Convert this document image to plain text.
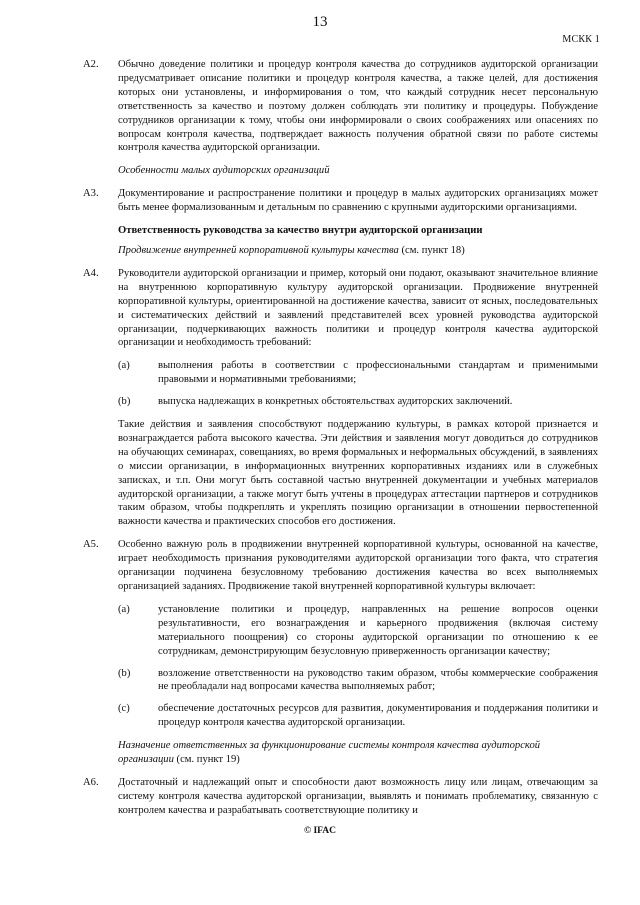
13
МСКК 1
A2. Обычно доведение политики и процедур контроля качества до сотрудников аудиторской организации предусматривает описание политики и процедур контроля качества, а также целей, для достижения которых они установлены, и информирования о том, что каждый сотрудник несет персональную ответственность за качество и поэтому должен соблюдать эти политику и процедуры. Побуждение сотрудников организации к тому, чтобы они информировали о своих соображениях или опасениях по вопросам контроля качества, подтверждает важность получения обратной связи по работе системы контроля качества аудиторской организации.
Особенности малых аудиторских организаций
A3. Документирование и распространение политики и процедур в малых аудиторских организациях может быть менее формализованным и детальным по сравнению с крупными аудиторскими организациями.
Ответственность руководства за качество внутри аудиторской организации
Продвижение внутренней корпоративной культуры качества (см. пункт 18)
A4. Руководители аудиторской организации и пример, который они подают, оказывают значительное влияние на внутреннюю корпоративную культуру аудиторской организации. Продвижение внутренней корпоративной культуры, ориентированной на достижение качества, зависит от ясных, последовательных и систематических действий и заявлений представителей всех уровней руководства аудиторской организации, подчеркивающих важность политики и процедур контроля качества аудиторской организации и необходимость требований:
(a)	выполнения работы в соответствии с профессиональными стандартам и применимыми правовыми и нормативными требованиями;
(b)	выпуска надлежащих в конкретных обстоятельствах аудиторских заключений.
Такие действия и заявления способствуют поддержанию культуры, в рамках которой признается и вознаграждается работа высокого качества. Эти действия и заявления могут доводиться до сотрудников на обучающих семинарах, совещаниях, во время формальных и неформальных обсуждений, в заявлениях о миссии организации, в информационных внутренних корпоративных изданиях или в служебных записках, и т.п. Они могут быть составной частью внутренней документации и учебных материалов аудиторской организации, а также могут быть учтены в процедурах аттестации партнеров и сотрудников таким образом, чтобы подкреплять и укреплять позицию организации в отношении первостепенной важности качества и практических способов его достижения.
A5. Особенно важную роль в продвижении внутренней корпоративной культуры, основанной на качестве, играет необходимость признания руководителями аудиторской организации того факта, что стратегия организации подчинена безусловному требованию достижения качества во всех выполняемых организацией заданиях. Продвижение такой внутренней корпоративной культуры включает:
(a)	установление политики и процедур, направленных на решение вопросов оценки результативности, его вознаграждения и карьерного продвижения (включая систему материального поощрения) со стороны аудиторской организации по отношению к ее сотрудникам, демонстрирующим безусловную приверженность организации качеству;
(b)	возложение ответственности на руководство таким образом, чтобы коммерческие соображения не преобладали над вопросами качества выполняемых работ;
(c)	обеспечение достаточных ресурсов для развития, документирования и поддержания политики и процедур контроля качества аудиторской организации.
Назначение ответственных за функционирование системы контроля качества аудиторской организации (см. пункт 19)
A6. Достаточный и надлежащий опыт и способности дают возможность лицу или лицам, отвечающим за систему контроля качества аудиторской организации, выявлять и понимать проблематику, связанную с контролем качества и разрабатывать соответствующие политику и
© IFAC
